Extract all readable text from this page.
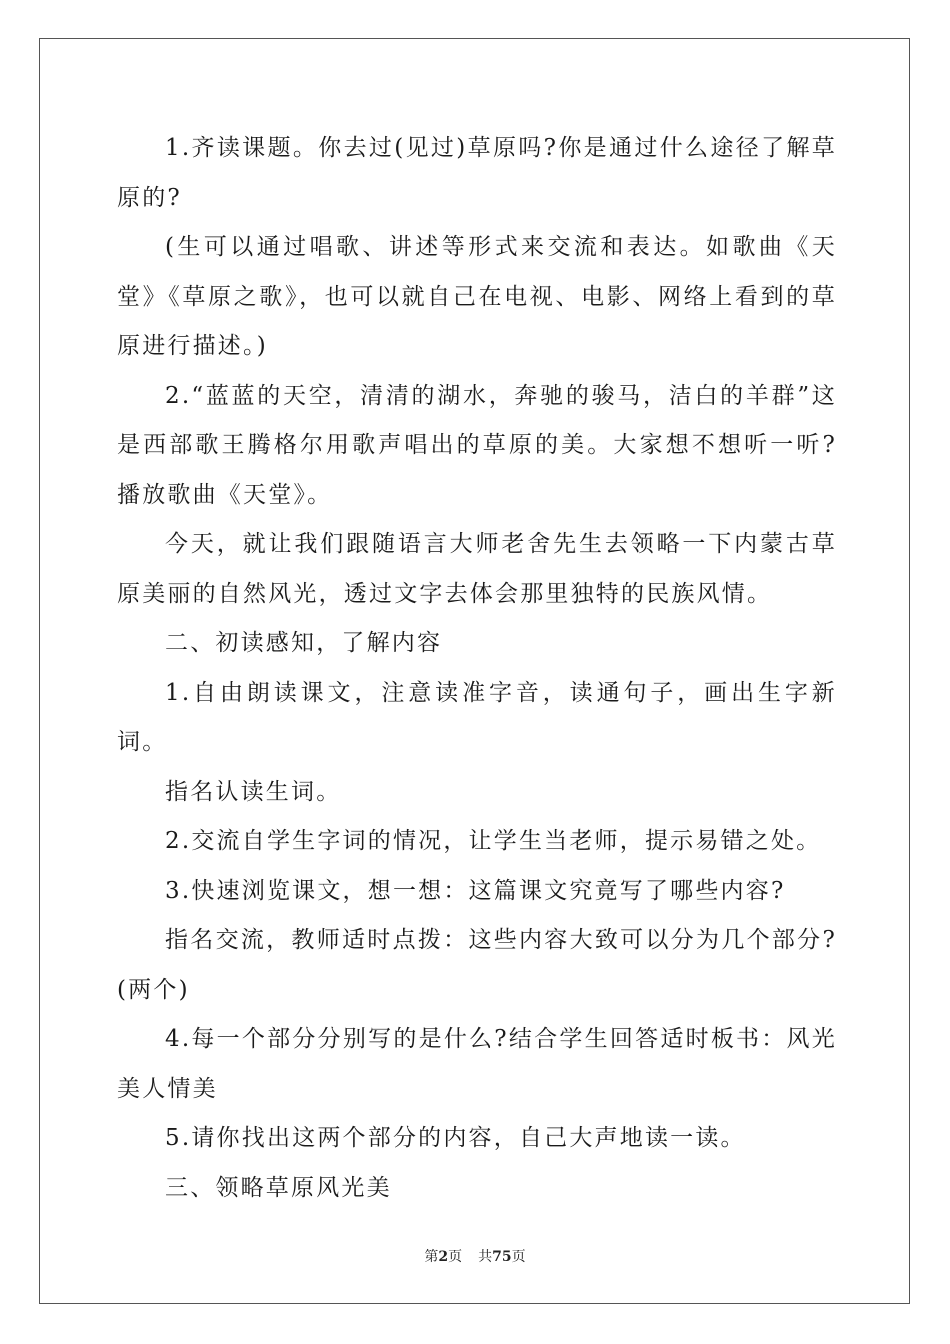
1.齐读课题。你去过(见过)草原吗?你是通过什么途径了解草原的?

(生可以通过唱歌、讲述等形式来交流和表达。如歌曲《天堂》《草原之歌》，也可以就自己在电视、电影、网络上看到的草原进行描述。)

2.“蓝蓝的天空，清清的湖水，奔驰的骏马，洁白的羊群”这是西部歌王腾格尔用歌声唱出的草原的美。大家想不想听一听?播放歌曲《天堂》。

今天，就让我们跟随语言大师老舍先生去领略一下内蒙古草原美丽的自然风光，透过文字去体会那里独特的民族风情。

二、初读感知，了解内容

1.自由朗读课文，注意读准字音，读通句子，画出生字新词。

指名认读生词。

2.交流自学生字词的情况，让学生当老师，提示易错之处。

3.快速浏览课文，想一想：这篇课文究竟写了哪些内容?

指名交流，教师适时点拨：这些内容大致可以分为几个部分?(两个)

4.每一个部分分别写的是什么?结合学生回答适时板书：风光美人情美

5.请你找出这两个部分的内容，自己大声地读一读。

三、领略草原风光美

第2页 共75页
